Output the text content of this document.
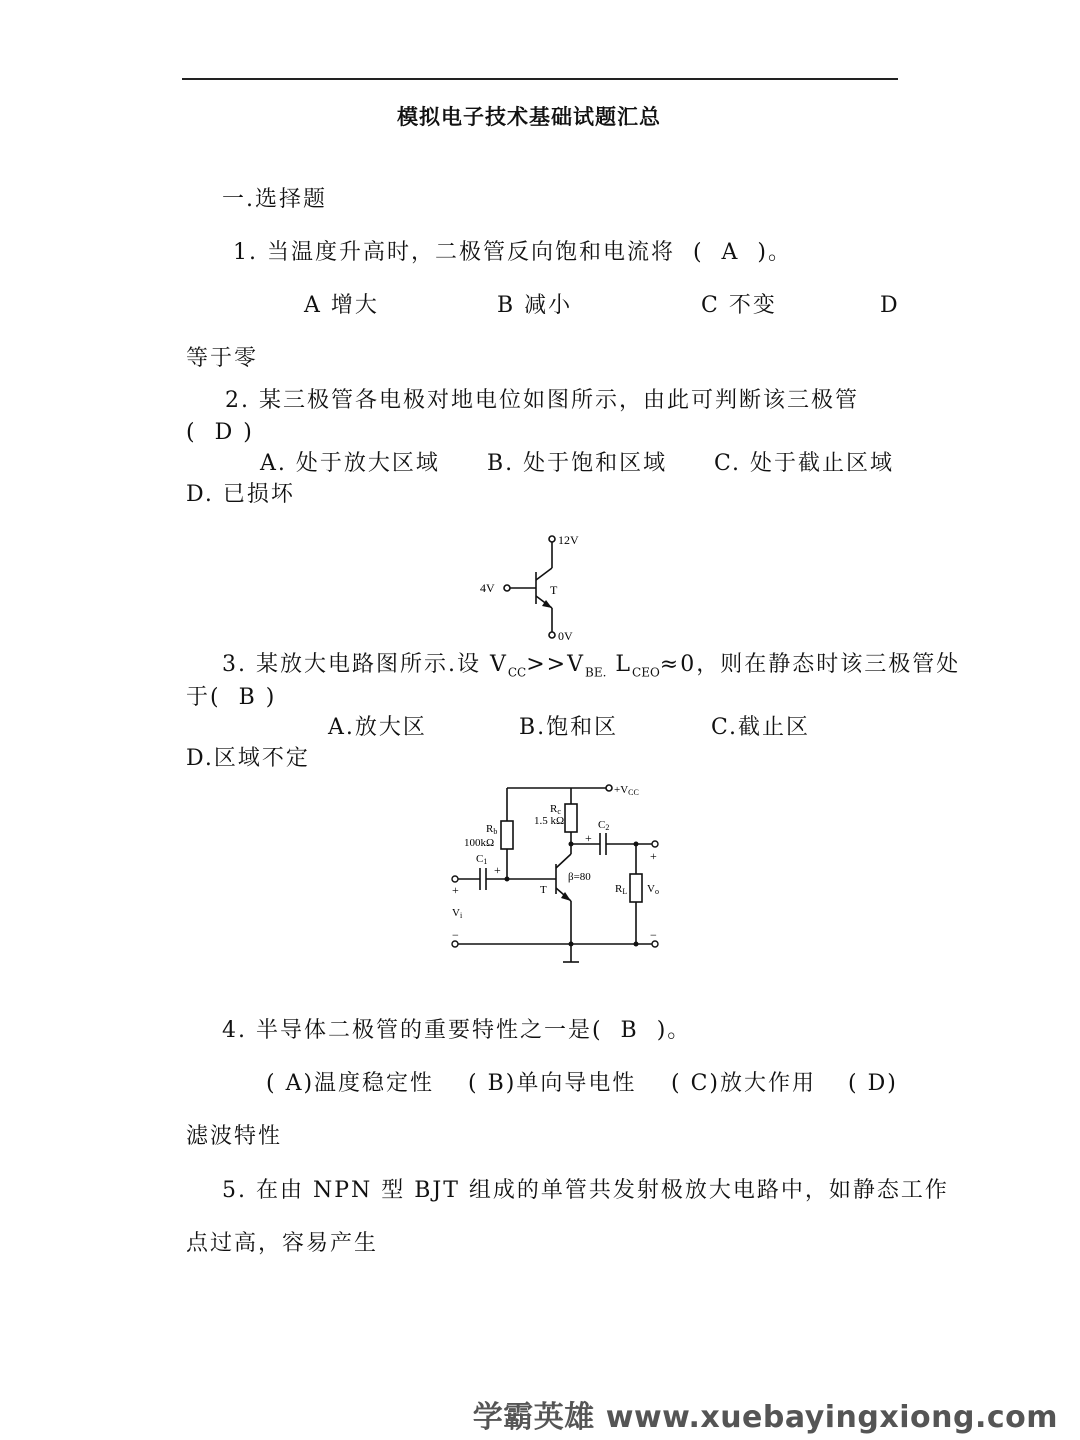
模拟电子技术基础试题汇总
一.选择题
1. 当温度升高时，二极管反向饱和电流将  (  A  )。
A 增大	B 减小	C 不变	D
等于零
2. 某三极管各电极对地电位如图所示，由此可判断该三极管
(  D )
A. 处于放大区域 B. 处于饱和区域 C. 处于截止区域
D. 已损坏
12V
4V	T
0V
3. 某放大电路图所示.设 $V_{CC}>>V_{BE.}$ $L_{CEO}\approx 0$，则在静态时该三极管处
于(  B )
A.放大区	B.饱和区	C.截止区
D.区域不定
+VCC
Rb
100kΩ
Rc
1.5 kΩ
C1
+
C2
+
β=80
T	RL Vo
+
−
+
Vi
−
4. 半导体二极管的重要特性之一是(  B  )。
( A)温度稳定性 ( B)单向导电性 ( C)放大作用 ( D)
滤波特性
5. 在由 NPN 型 BJT 组成的单管共发射极放大电路中，如静态工作
点过高，容易产生
学霸英雄 www.xuebayingxiong.com
